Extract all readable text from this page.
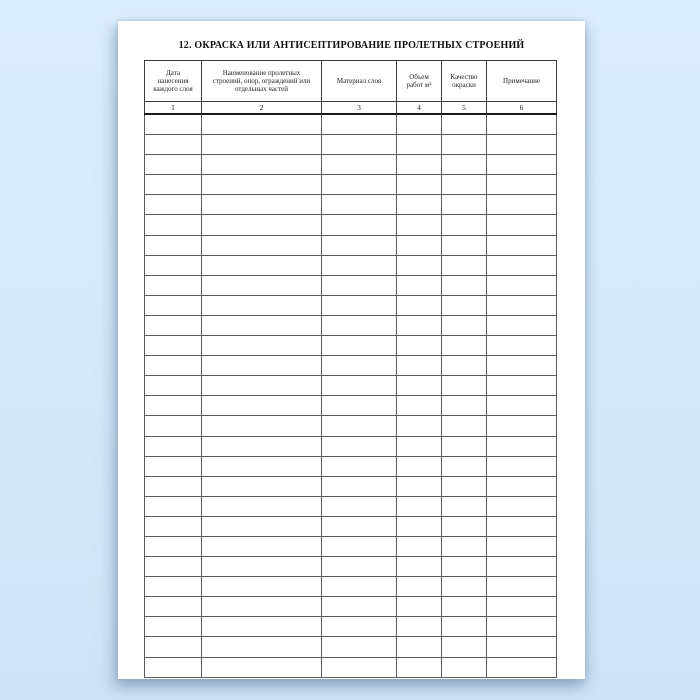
12. ОКРАСКА ИЛИ АНТИСЕПТИРОВАНИЕ ПРОЛЕТНЫХ СТРОЕНИЙ
Дата нанесения каждого слоя	Наименование пролетных строений, опор, ограждений или отдельных частей	Материал слоя	Объем работ м²	Качество окраски	Примечание
1	2	3	4	5	6
